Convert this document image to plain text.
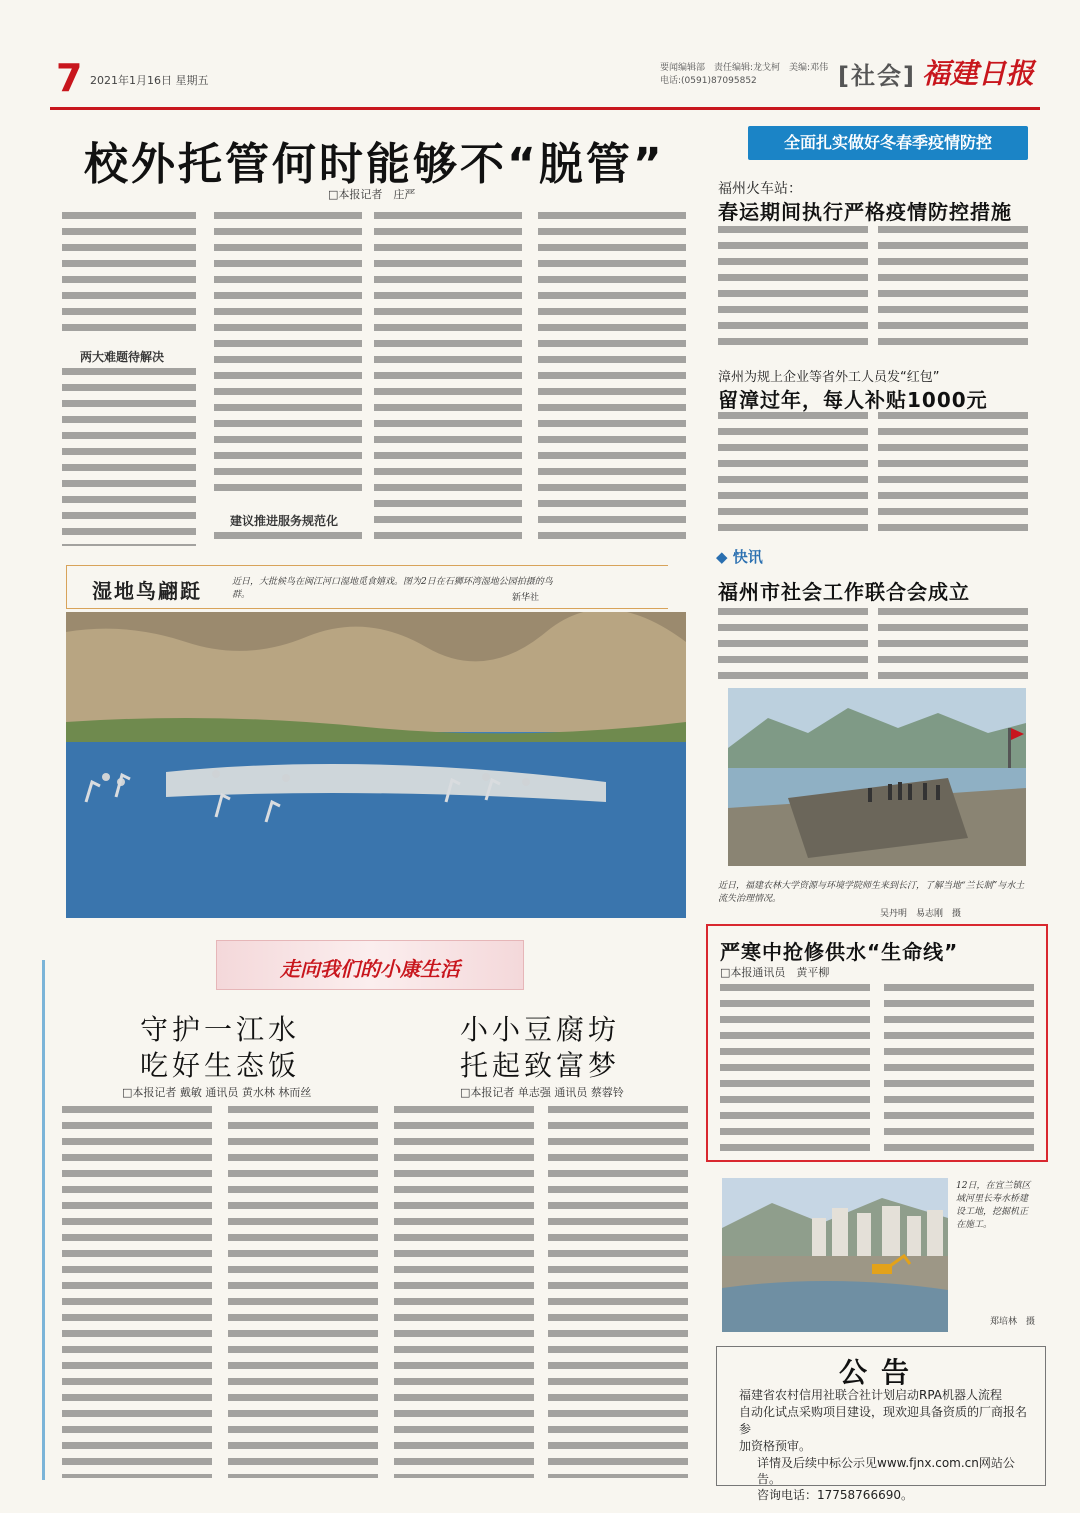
7 2021年1月16日 星期五
要闻编辑部　责任编辑:龙戈柯　美编:邓伟
电话:(0591)87095852	[社会] 福建日报
校外托管何时能够不“脱管”
□本报记者　庄严
两大难题待解决
建议推进服务规范化
全面扎实做好冬春季疫情防控
福州火车站：
春运期间执行严格疫情防控措施
漳州为规上企业等省外工人员发“红包”
留漳过年，每人补贴1000元
◆ 快讯
福州市社会工作联合会成立
近日，福建农林大学资源与环境学院师生来到长汀，了解当地“兰长制”与水土流失治理情况。
吴丹明　易志刚　摄
湿地鸟翩跹	近日，大批候鸟在闽江河口湿地觅食嬉戏。图为2日在石狮环湾湿地公园拍摄的鸟群。	新华社
严寒中抢修供水“生命线”
□本报通讯员　黄平柳
走向我们的小康生活
守护一江水
吃好生态饭
□本报记者 戴敏 通讯员 黄水林 林而丝
小小豆腐坊
托起致富梦
□本报记者 单志强 通讯员 蔡蓉铃
12日，在宜兰镇区域河里长寿水桥建设工地，挖掘机正在施工。
郑培林　摄
公告
福建省农村信用社联合社计划启动RPA机器人流程
自动化试点采购项目建设，现欢迎具备资质的厂商报名参
加资格预审。
详情及后续中标公示见www.fjnx.com.cn网站公告。
咨询电话：17758766690。
